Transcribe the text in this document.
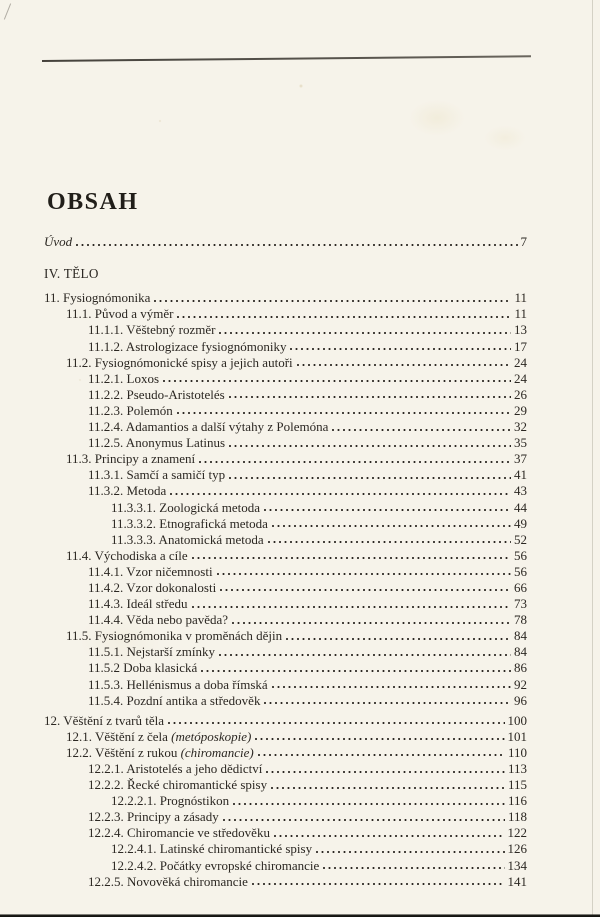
OBSAH
Úvod	7
IV. TĚLO
11. Fysiognómonika	11
11.1. Původ a výměr	11
11.1.1. Věštebný rozměr	13
11.1.2. Astrologizace fysiognómoniky	17
11.2. Fysiognómonické spisy a jejich autoři	24
11.2.1. Loxos	24
11.2.2. Pseudo-Aristotelés	26
11.2.3. Polemón	29
11.2.4. Adamantios a další výtahy z Polemóna	32
11.2.5. Anonymus Latinus	35
11.3. Principy a znamení	37
11.3.1. Samčí a samičí typ	41
11.3.2. Metoda	43
11.3.3.1. Zoologická metoda	44
11.3.3.2. Etnografická metoda	49
11.3.3.3. Anatomická metoda	52
11.4. Východiska a cíle	56
11.4.1. Vzor ničemnosti	56
11.4.2. Vzor dokonalosti	66
11.4.3. Ideál středu	73
11.4.4. Věda nebo pavěda?	78
11.5. Fysiognómonika v proměnách dějin	84
11.5.1. Nejstarší zmínky	84
11.5.2 Doba klasická	86
11.5.3. Hellénismus a doba římská	92
11.5.4. Pozdní antika a středověk	96
12. Věštění z tvarů těla	100
12.1. Věštění z čela (metóposkopie)	101
12.2. Věštění z rukou (chiromancie)	110
12.2.1. Aristotelés a jeho dědictví	113
12.2.2. Řecké chiromantické spisy	115
12.2.2.1. Prognóstikon	116
12.2.3. Principy a zásady	118
12.2.4. Chiromancie ve středověku	122
12.2.4.1. Latinské chiromantické spisy	126
12.2.4.2. Počátky evropské chiromancie	134
12.2.5. Novověká chiromancie	141
